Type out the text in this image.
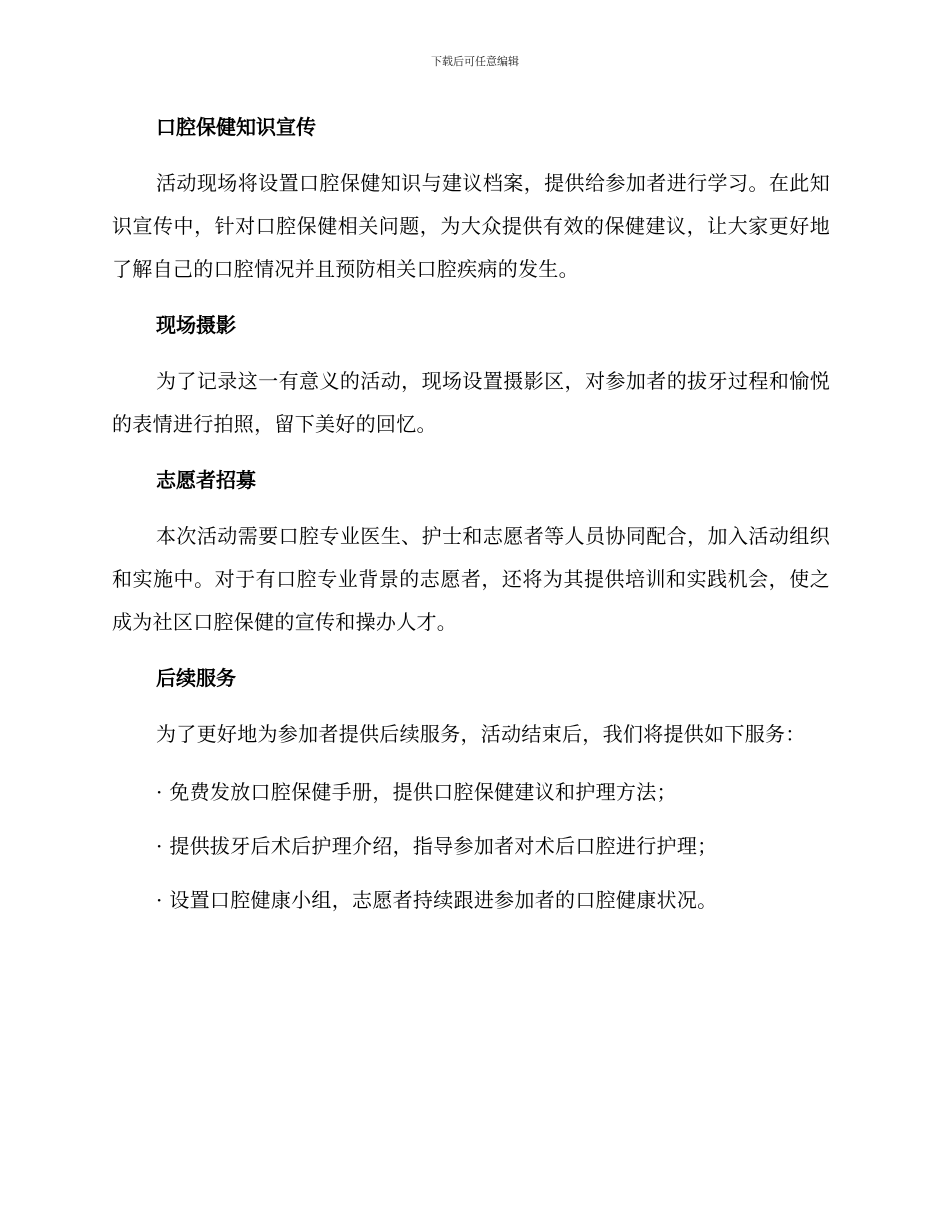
下载后可任意编辑
口腔保健知识宣传

活动现场将设置口腔保健知识与建议档案，提供给参加者进行学习。在此知识宣传中，针对口腔保健相关问题，为大众提供有效的保健建议，让大家更好地了解自己的口腔情况并且预防相关口腔疾病的发生。

现场摄影

为了记录这一有意义的活动，现场设置摄影区，对参加者的拔牙过程和愉悦的表情进行拍照，留下美好的回忆。

志愿者招募

本次活动需要口腔专业医生、护士和志愿者等人员协同配合，加入活动组织和实施中。对于有口腔专业背景的志愿者，还将为其提供培训和实践机会，使之成为社区口腔保健的宣传和操办人才。

后续服务

为了更好地为参加者提供后续服务，活动结束后，我们将提供如下服务：

· 免费发放口腔保健手册，提供口腔保健建议和护理方法；

· 提供拔牙后术后护理介绍，指导参加者对术后口腔进行护理；

· 设置口腔健康小组，志愿者持续跟进参加者的口腔健康状况。
